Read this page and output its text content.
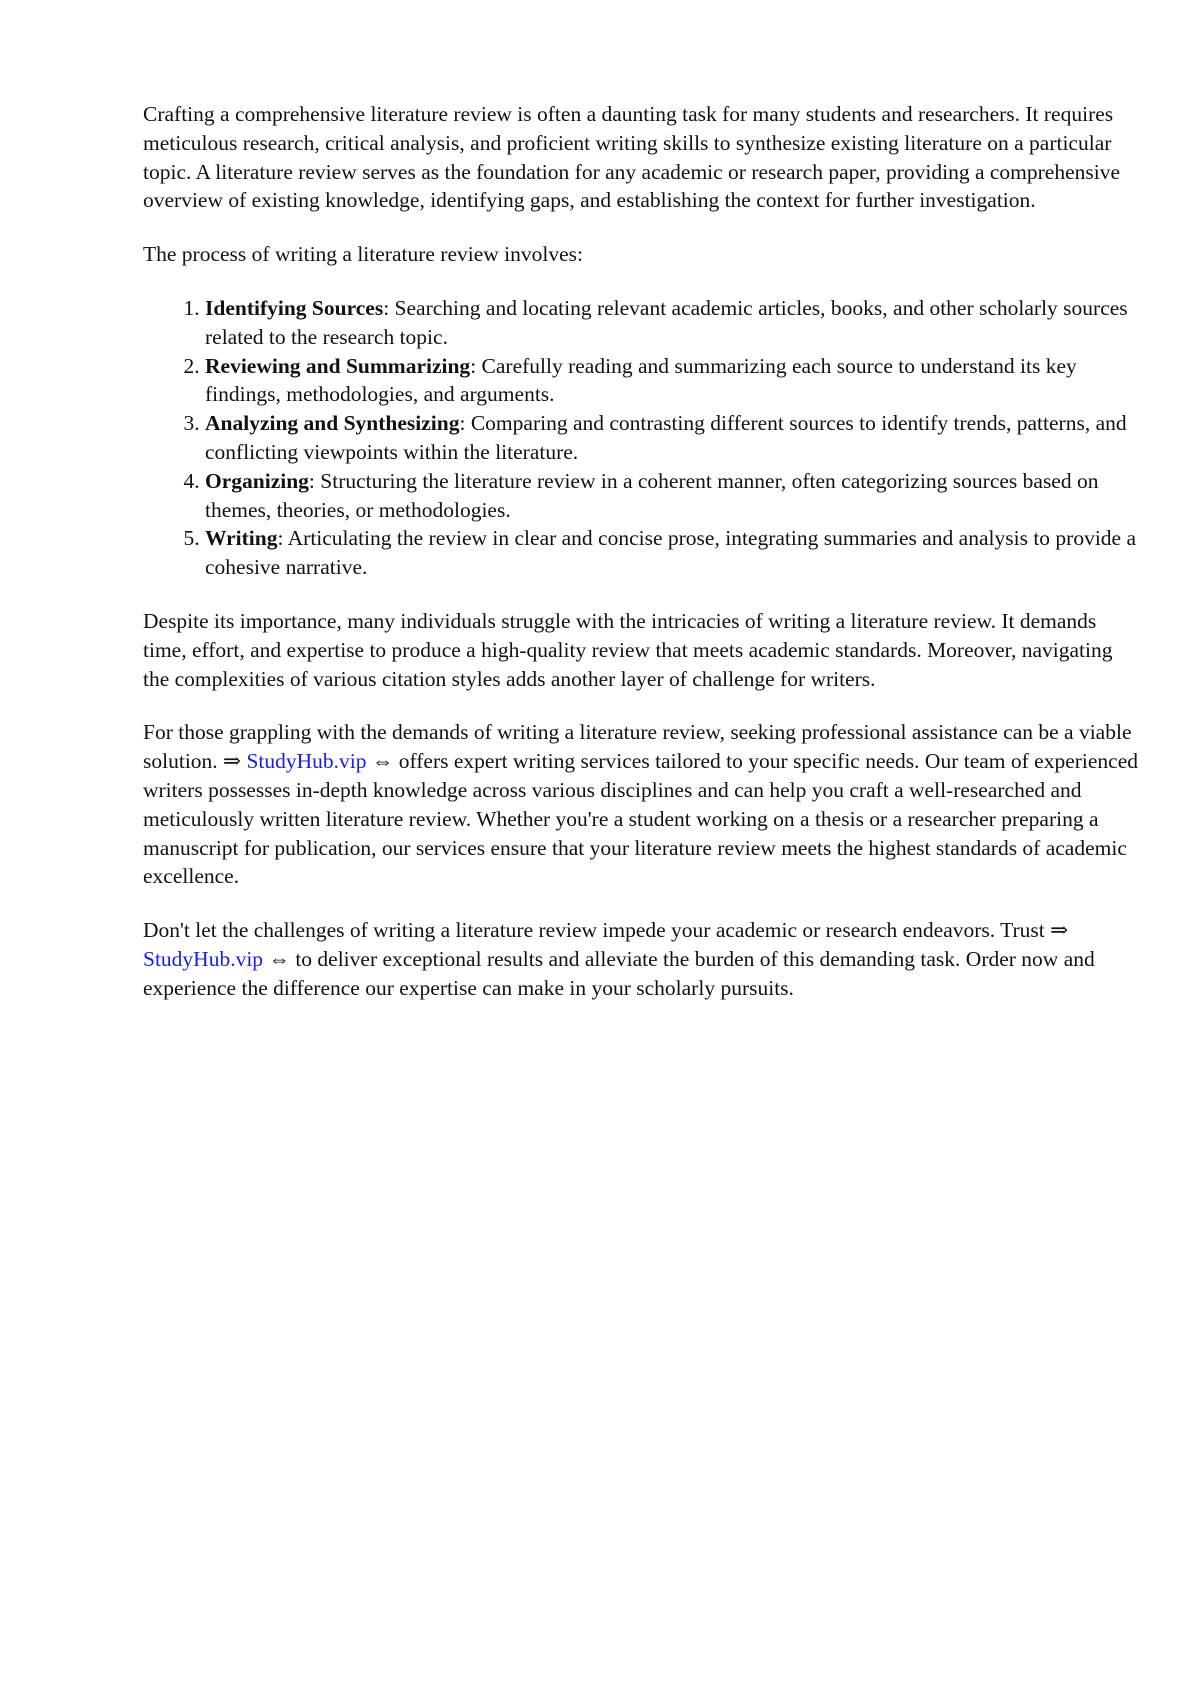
Crafting a comprehensive literature review is often a daunting task for many students and researchers. It requires meticulous research, critical analysis, and proficient writing skills to synthesize existing literature on a particular topic. A literature review serves as the foundation for any academic or research paper, providing a comprehensive overview of existing knowledge, identifying gaps, and establishing the context for further investigation.

The process of writing a literature review involves:

1. Identifying Sources: Searching and locating relevant academic articles, books, and other scholarly sources related to the research topic.
2. Reviewing and Summarizing: Carefully reading and summarizing each source to understand its key findings, methodologies, and arguments.
3. Analyzing and Synthesizing: Comparing and contrasting different sources to identify trends, patterns, and conflicting viewpoints within the literature.
4. Organizing: Structuring the literature review in a coherent manner, often categorizing sources based on themes, theories, or methodologies.
5. Writing: Articulating the review in clear and concise prose, integrating summaries and analysis to provide a cohesive narrative.

Despite its importance, many individuals struggle with the intricacies of writing a literature review. It demands time, effort, and expertise to produce a high-quality review that meets academic standards. Moreover, navigating the complexities of various citation styles adds another layer of challenge for writers.

For those grappling with the demands of writing a literature review, seeking professional assistance can be a viable solution. ⇒ StudyHub.vip ⇔ offers expert writing services tailored to your specific needs. Our team of experienced writers possesses in-depth knowledge across various disciplines and can help you craft a well-researched and meticulously written literature review. Whether you're a student working on a thesis or a researcher preparing a manuscript for publication, our services ensure that your literature review meets the highest standards of academic excellence.

Don't let the challenges of writing a literature review impede your academic or research endeavors. Trust ⇒ StudyHub.vip ⇔ to deliver exceptional results and alleviate the burden of this demanding task. Order now and experience the difference our expertise can make in your scholarly pursuits.
